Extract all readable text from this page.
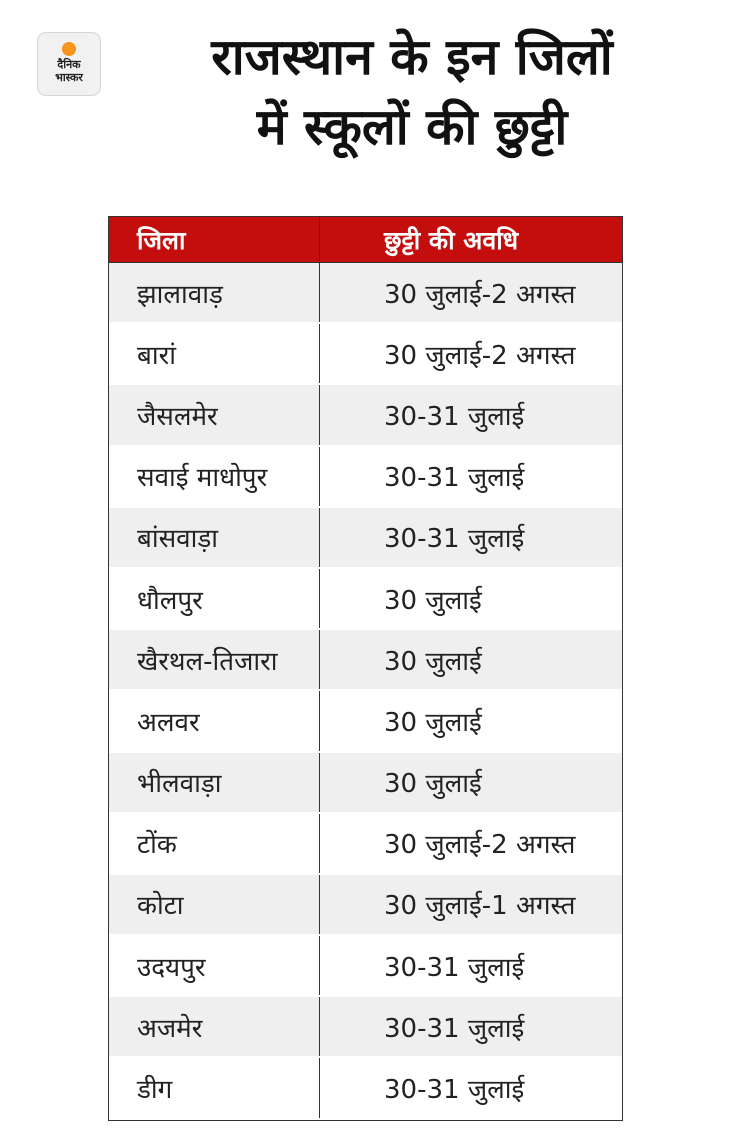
दैनिक
भास्कर	राजस्थान के इन जिलों
में स्कूलों की छुट्टी
जिला	छुट्टी की अवधि
झालावाड़	30 जुलाई-2 अगस्त
बारां	30 जुलाई-2 अगस्त
जैसलमेर	30-31 जुलाई
सवाई माधोपुर	30-31 जुलाई
बांसवाड़ा	30-31 जुलाई
धौलपुर	30 जुलाई
खैरथल-तिजारा	30 जुलाई
अलवर	30 जुलाई
भीलवाड़ा	30 जुलाई
टोंक	30 जुलाई-2 अगस्त
कोटा	30 जुलाई-1 अगस्त
उदयपुर	30-31 जुलाई
अजमेर	30-31 जुलाई
डीग	30-31 जुलाई
